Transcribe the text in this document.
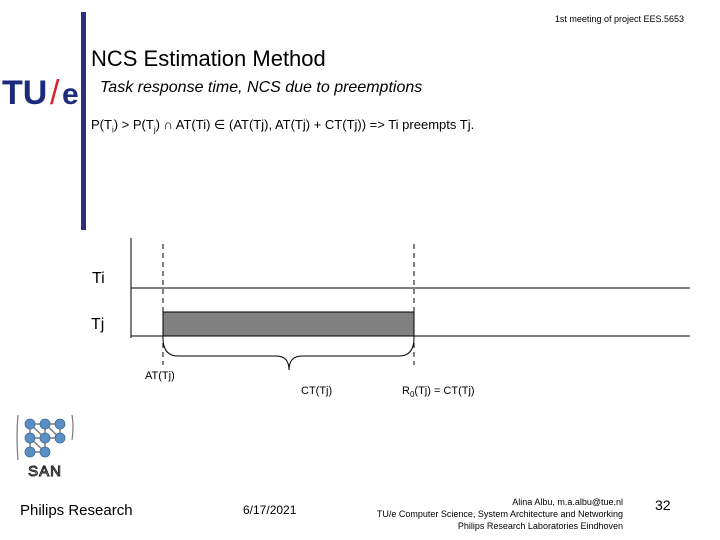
1st meeting of project EES.5653
TU / e
NCS Estimation Method
Task response time, NCS due to preemptions
$P(T_i) > P(T_j)$ ∩ AT(Ti) ∈ (AT(Tj), AT(Tj) + CT(Tj)) => Ti preempts Tj.
Ti
Tj
AT(Tj)
CT(Tj)	$R_0(Tj) = CT(Tj)$
SAN
Philips Research	6/17/2021
Alina Albu, m.a.albu@tue.nl
TU/e Computer Science, System Architecture and Networking
Philips Research Laboratories Eindhoven
32
